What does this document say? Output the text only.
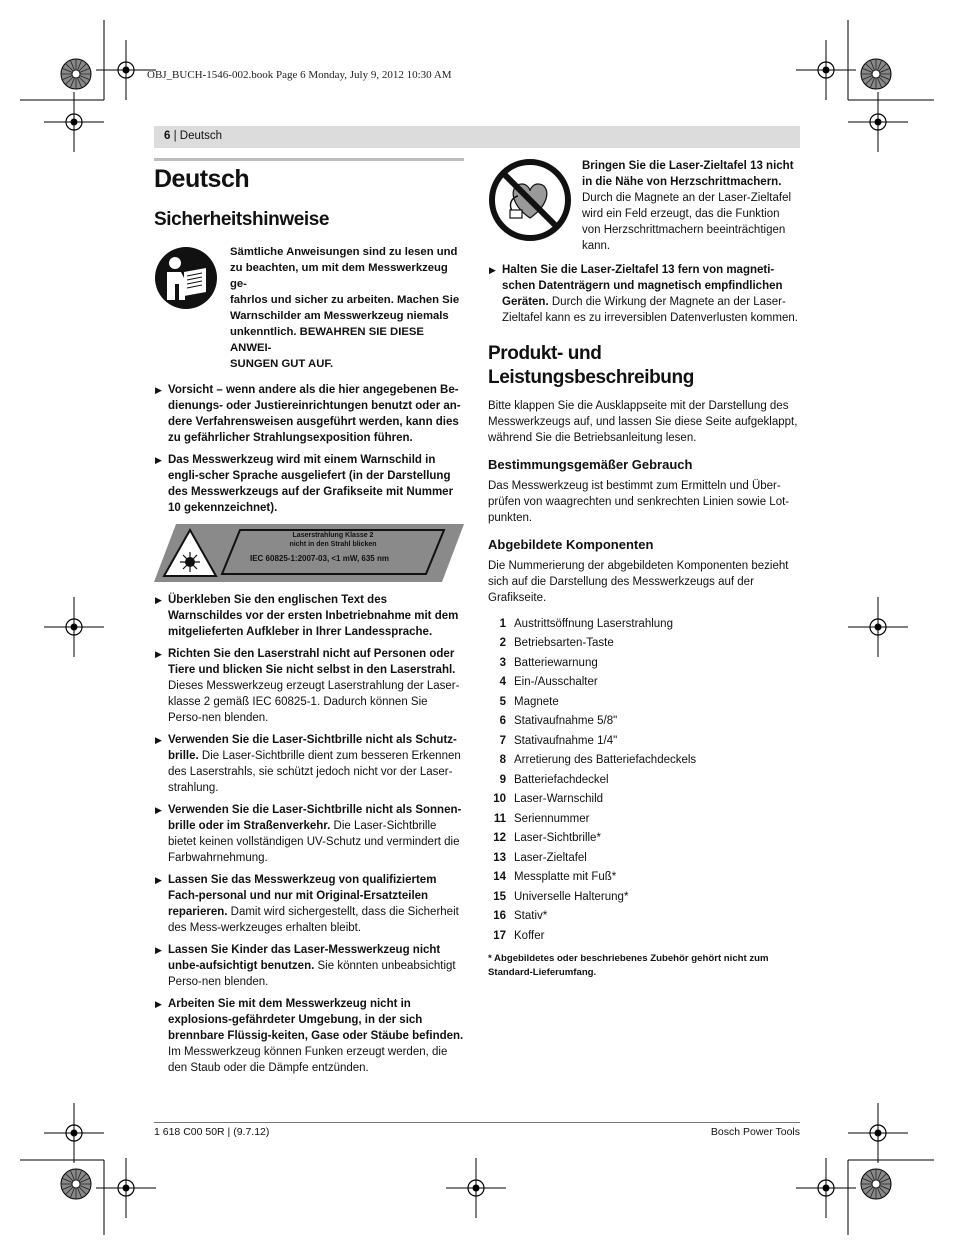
OBJ_BUCH-1546-002.book Page 6 Monday, July 9, 2012 10:30 AM
6 | Deutsch
Deutsch
Sicherheitshinweise
Sämtliche Anweisungen sind zu lesen und
zu beachten, um mit dem Messwerkzeug ge-
fahrlos und sicher zu arbeiten. Machen Sie
Warnschilder am Messwerkzeug niemals
unkenntlich. BEWAHREN SIE DIESE ANWEI-
SUNGEN GUT AUF.
▶ Vorsicht – wenn andere als die hier angegebenen Be-dienungs- oder Justiereinrichtungen benutzt oder an-dere Verfahrensweisen ausgeführt werden, kann dies zu gefährlicher Strahlungsexposition führen.
▶ Das Messwerkzeug wird mit einem Warnschild in engli-scher Sprache ausgeliefert (in der Darstellung des Messwerkzeugs auf der Grafikseite mit Nummer 10 gekennzeichnet).
Laserstrahlung Klasse 2
nicht in den Strahl blicken
IEC 60825-1:2007-03, <1 mW, 635 nm
▶ Überkleben Sie den englischen Text des Warnschildes vor der ersten Inbetriebnahme mit dem mitgelieferten Aufkleber in Ihrer Landessprache.
▶ Richten Sie den Laserstrahl nicht auf Personen oder Tiere und blicken Sie nicht selbst in den Laserstrahl. Dieses Messwerkzeug erzeugt Laserstrahlung der Laser-klasse 2 gemäß IEC 60825-1. Dadurch können Sie Perso-nen blenden.
▶ Verwenden Sie die Laser-Sichtbrille nicht als Schutz-brille. Die Laser-Sichtbrille dient zum besseren Erkennen des Laserstrahls, sie schützt jedoch nicht vor der Laser-strahlung.
▶ Verwenden Sie die Laser-Sichtbrille nicht als Sonnen-brille oder im Straßenverkehr. Die Laser-Sichtbrille bietet keinen vollständigen UV-Schutz und vermindert die Farbwahrnehmung.
▶ Lassen Sie das Messwerkzeug von qualifiziertem Fach-personal und nur mit Original-Ersatzteilen reparieren. Damit wird sichergestellt, dass die Sicherheit des Mess-werkzeuges erhalten bleibt.
▶ Lassen Sie Kinder das Laser-Messwerkzeug nicht unbe-aufsichtigt benutzen. Sie könnten unbeabsichtigt Perso-nen blenden.
▶ Arbeiten Sie mit dem Messwerkzeug nicht in explosions-gefährdeter Umgebung, in der sich brennbare Flüssig-keiten, Gase oder Stäube befinden. Im Messwerkzeug können Funken erzeugt werden, die den Staub oder die Dämpfe entzünden.
Bringen Sie die Laser-Zieltafel 13 nicht in die Nähe von Herzschrittmachern.
Durch die Magnete an der Laser-Zieltafel wird ein Feld erzeugt, das die Funktion von Herzschrittmachern beeinträchtigen kann.
▶ Halten Sie die Laser-Zieltafel 13 fern von magneti-schen Datenträgern und magnetisch empfindlichen Geräten. Durch die Wirkung der Magnete an der Laser-Zieltafel kann es zu irreversiblen Datenverlusten kommen.
Produkt- und Leistungsbeschreibung

Bitte klappen Sie die Ausklappseite mit der Darstellung des Messwerkzeugs auf, und lassen Sie diese Seite aufgeklappt, während Sie die Betriebsanleitung lesen.

Bestimmungsgemäßer Gebrauch

Das Messwerkzeug ist bestimmt zum Ermitteln und Über-prüfen von waagrechten und senkrechten Linien sowie Lot-punkten.

Abgebildete Komponenten
Die Nummerierung der abgebildeten Komponenten bezieht sich auf die Darstellung des Messwerkzeugs auf der Grafikseite.
1 Austrittsöffnung Laserstrahlung
2 Betriebsarten-Taste
3 Batteriewarnung
4 Ein-/Ausschalter
5 Magnete
6 Stativaufnahme 5/8"
7 Stativaufnahme 1/4"
8 Arretierung des Batteriefachdeckels
9 Batteriefachdeckel
10 Laser-Warnschild
11 Seriennummer
12 Laser-Sichtbrille*
13 Laser-Zieltafel
14 Messplatte mit Fuß*
15 Universelle Halterung*
16 Stativ*
17 Koffer
* Abgebildetes oder beschriebenes Zubehör gehört nicht zum Standard-Lieferumfang.
1 618 C00 50R | (9.7.12)	Bosch Power Tools
